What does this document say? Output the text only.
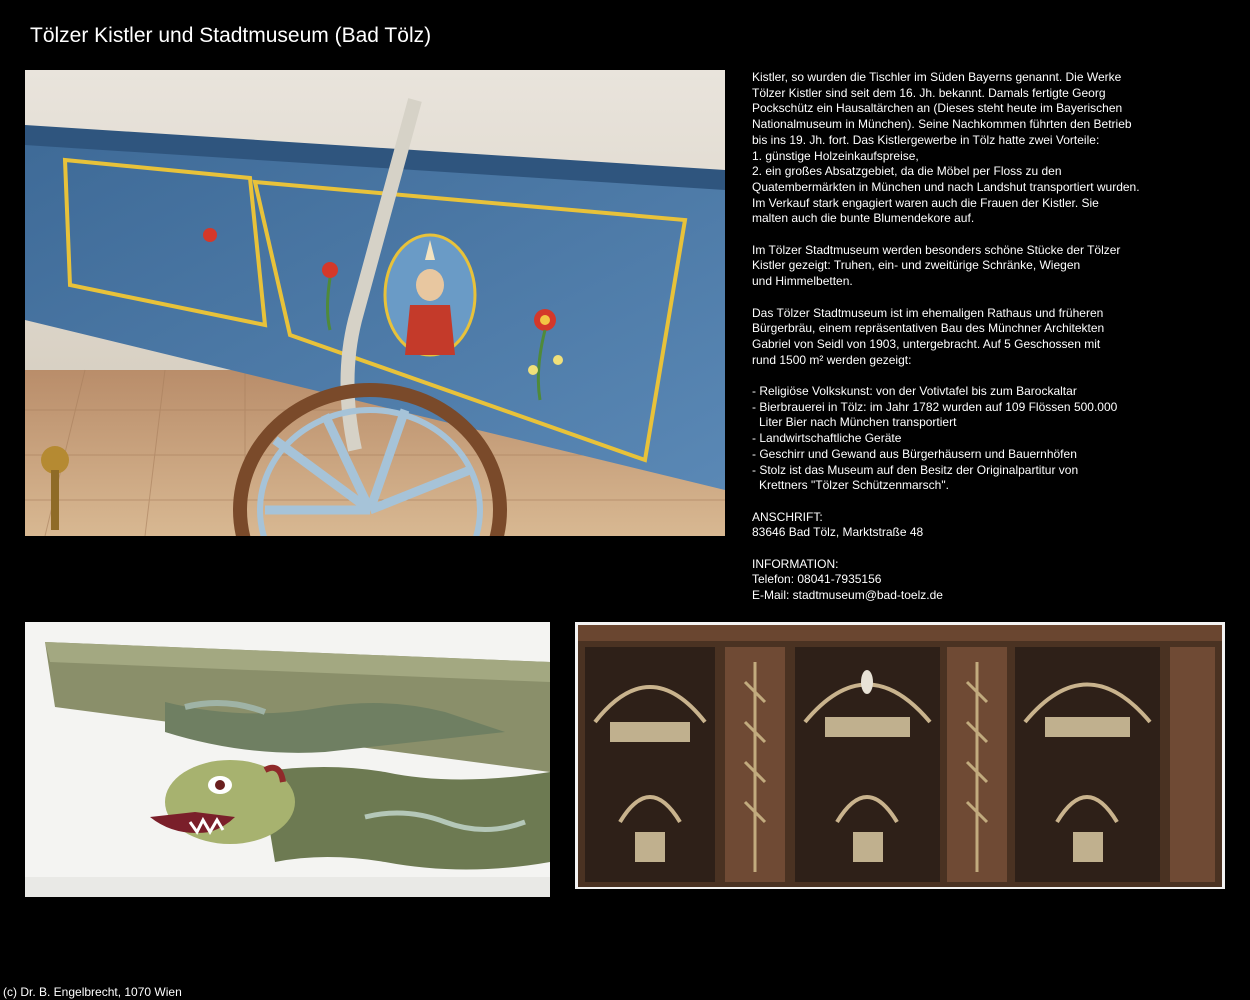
Tölzer Kistler und Stadtmuseum (Bad Tölz)

Kistler, so wurden die Tischler im Süden Bayerns genannt. Die Werke

Tölzer Kistler sind seit dem 16. Jh. bekannt. Damals fertigte Georg

Pockschütz ein Hausaltärchen an (Dieses steht heute im Bayerischen

Nationalmuseum in München). Seine Nachkommen führten den Betrieb

bis ins 19. Jh. fort. Das Kistlergewerbe in Tölz hatte zwei Vorteile:

1. günstige Holzeinkaufspreise,

2. ein großes Absatzgebiet, da die Möbel per Floss zu den

Quatembermärkten in München und nach Landshut transportiert wurden.

Im Verkauf stark engagiert waren auch die Frauen der Kistler. Sie

malten auch die bunte Blumendekore auf.

Im Tölzer Stadtmuseum werden besonders schöne Stücke der Tölzer

Kistler gezeigt: Truhen, ein- und zweitürige Schränke, Wiegen

und Himmelbetten.

Das Tölzer Stadtmuseum ist im ehemaligen Rathaus und früheren

Bürgerbräu, einem repräsentativen Bau des Münchner Architekten

Gabriel von Seidl von 1903, untergebracht. Auf 5 Geschossen mit

rund 1500 m² werden gezeigt:

- Religiöse Volkskunst: von der Votivtafel bis zum Barockaltar

- Bierbrauerei in Tölz: im Jahr 1782 wurden auf 109 Flössen 500.000

Liter Bier nach München transportiert

- Landwirtschaftliche Geräte

- Geschirr und Gewand aus Bürgerhäusern und Bauernhöfen

- Stolz ist das Museum auf den Besitz der Originalpartitur von

Krettners "Tölzer Schützenmarsch".

ANSCHRIFT:

83646 Bad Tölz, Marktstraße 48

INFORMATION:

Telefon: 08041-7935156

E-Mail: stadtmuseum@bad-toelz.de

(c) Dr. B. Engelbrecht, 1070 Wien
